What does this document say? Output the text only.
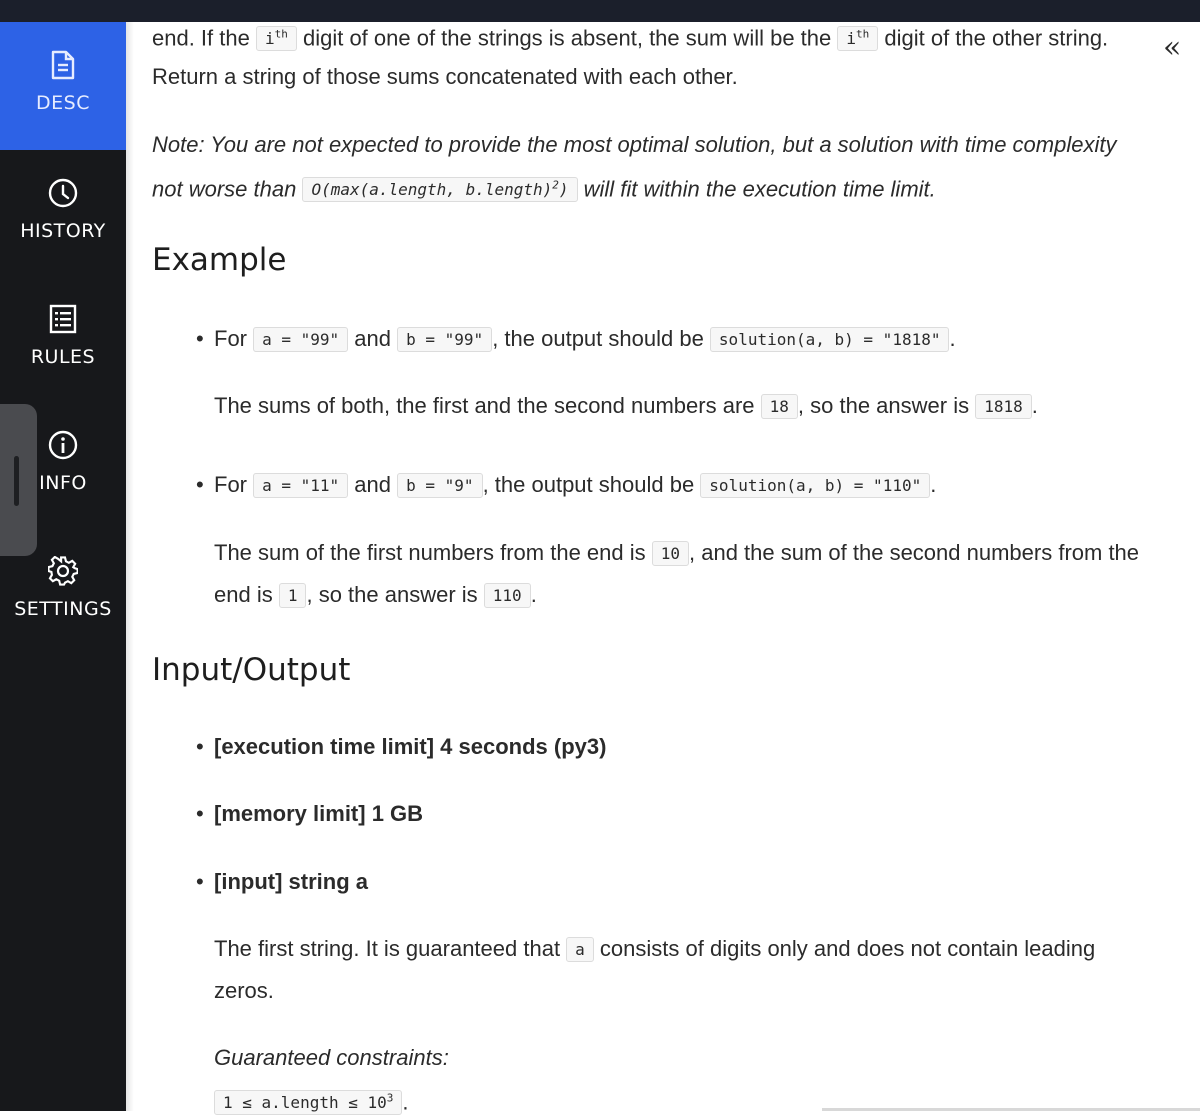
DESC
HISTORY
RULES
INFO
SETTINGS
«
end. If the $i^{th}$ digit of one of the strings is absent, the sum will be the $i^{th}$ digit of the other string.
Return a string of those sums concatenated with each other.
Note: You are not expected to provide the most optimal solution, but a solution with time complexity
not worse than O(max(a.length, b.length)$^2$) will fit within the execution time limit.
Example
• For a = "99" and b = "99" , the output should be solution(a, b) = "1818" .
The sums of both, the first and the second numbers are 18 , so the answer is 1818 .
• For a = "11" and b = "9" , the output should be solution(a, b) = "110" .
The sum of the first numbers from the end is 10 , and the sum of the second numbers from the
end is 1 , so the answer is 110 .
Input/Output
• [execution time limit] 4 seconds (py3)
• [memory limit] 1 GB
• [input] string a
The first string. It is guaranteed that a consists of digits only and does not contain leading
zeros.
Guaranteed constraints:
1 ≤ a.length ≤ $10^3$ .
